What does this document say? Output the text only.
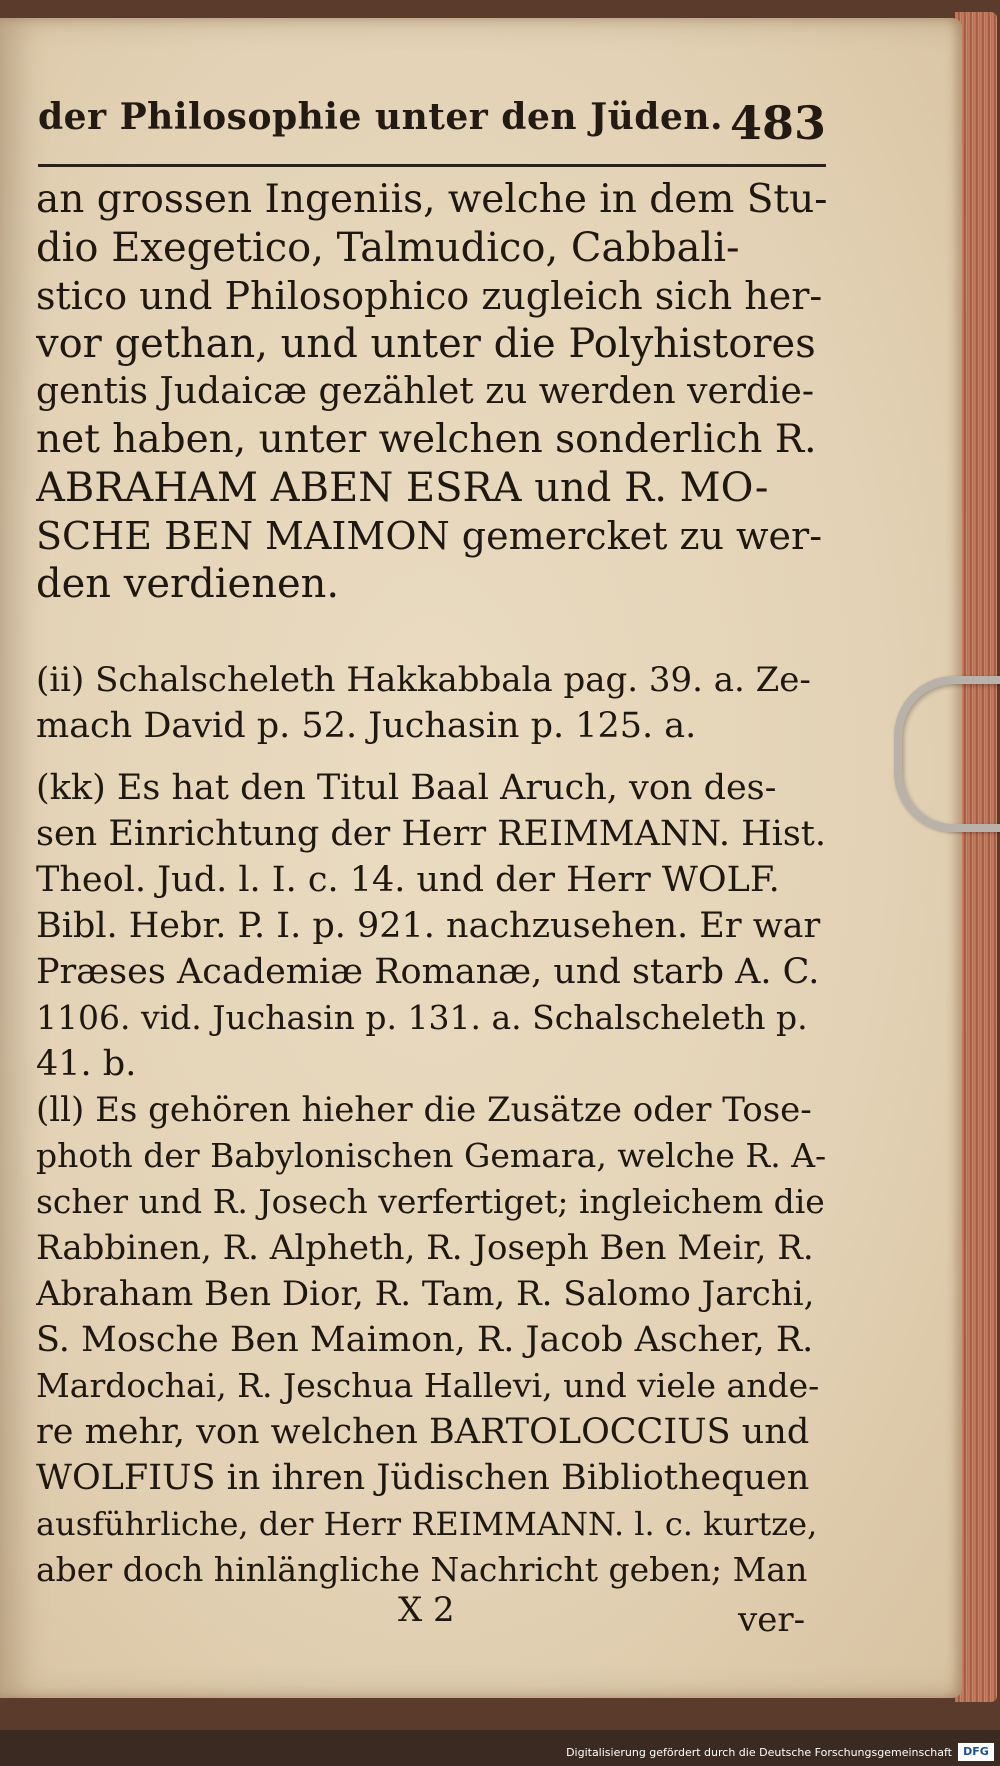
der Philosophie unter den Jüden. 483
an grossen Ingeniis, welche in dem Stu-
dio Exegetico, Talmudico, Cabbali-
stico und Philosophico zugleich sich her-
vor gethan, und unter die Polyhistores
gentis Judaicæ gezählet zu werden verdie-
net haben, unter welchen sonderlich R.
ABRAHAM ABEN ESRA und R. MO-
SCHE BEN MAIMON gemercket zu wer-
den verdienen.
(ii) Schalscheleth Hakkabbala pag. 39. a. Ze-
mach David p. 52. Juchasin p. 125. a.
(kk) Es hat den Titul Baal Aruch, von des-
sen Einrichtung der Herr REIMMANN. Hist.
Theol. Jud. l. I. c. 14. und der Herr WOLF.
Bibl. Hebr. P. I. p. 921. nachzusehen. Er war
Præses Academiæ Romanæ, und starb A. C.
1106. vid. Juchasin p. 131. a. Schalscheleth p.
41. b.
(ll) Es gehören hieher die Zusätze oder Tose-
photh der Babylonischen Gemara, welche R. A-
scher und R. Josech verfertiget; ingleichem die
Rabbinen, R. Alpheth, R. Joseph Ben Meir, R.
Abraham Ben Dior, R. Tam, R. Salomo Jarchi,
S. Mosche Ben Maimon, R. Jacob Ascher, R.
Mardochai, R. Jeschua Hallevi, und viele ande-
re mehr, von welchen BARTOLOCCIUS und
WOLFIUS in ihren Jüdischen Bibliothequen
ausführliche, der Herr REIMMANN. l. c. kurtze,
aber doch hinlängliche Nachricht geben; Man
X 2	ver-
Digitalisierung gefördert durch die Deutsche Forschungsgemeinschaft	DFG
